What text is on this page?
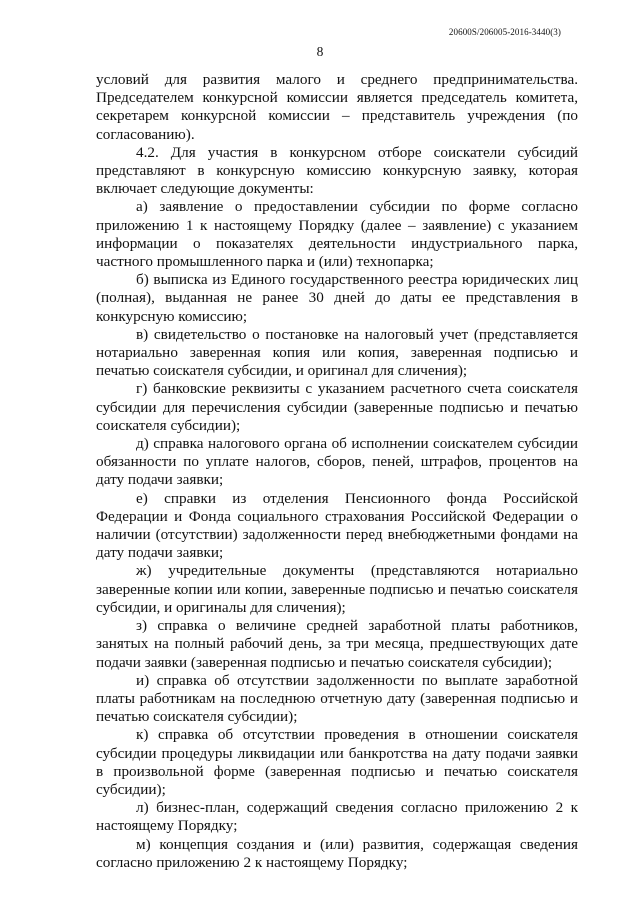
20600S/206005-2016-3440(3)
8

условий для развития малого и среднего предпринимательства. Председателем конкурсной комиссии является председатель комитета, секретарем конкурсной комиссии – представитель учреждения (по согласованию).

4.2. Для участия в конкурсном отборе соискатели субсидий представляют в конкурсную комиссию конкурсную заявку, которая включает следующие документы:

а) заявление о предоставлении субсидии по форме согласно приложению 1 к настоящему Порядку (далее – заявление) с указанием информации о показателях деятельности индустриального парка, частного промышленного парка и (или) технопарка;

б) выписка из Единого государственного реестра юридических лиц (полная), выданная не ранее 30 дней до даты ее представления в конкурсную комиссию;

в) свидетельство о постановке на налоговый учет (представляется нотариально заверенная копия или копия, заверенная подписью и печатью соискателя субсидии, и оригинал для сличения);

г) банковские реквизиты с указанием расчетного счета соискателя субсидии для перечисления субсидии (заверенные подписью и печатью соискателя субсидии);

д) справка налогового органа об исполнении соискателем субсидии обязанности по уплате налогов, сборов, пеней, штрафов, процентов на дату подачи заявки;

е) справки из отделения Пенсионного фонда Российской Федерации и Фонда социального страхования Российской Федерации о наличии (отсутствии) задолженности перед внебюджетными фондами на дату подачи заявки;

ж) учредительные документы (представляются нотариально заверенные копии или копии, заверенные подписью и печатью соискателя субсидии, и оригиналы для сличения);

з) справка о величине средней заработной платы работников, занятых на полный рабочий день, за три месяца, предшествующих дате подачи заявки (заверенная подписью и печатью соискателя субсидии);

и) справка об отсутствии задолженности по выплате заработной платы работникам на последнюю отчетную дату (заверенная подписью и печатью соискателя субсидии);

к) справка об отсутствии проведения в отношении соискателя субсидии процедуры ликвидации или банкротства на дату подачи заявки в произвольной форме (заверенная подписью и печатью соискателя субсидии);

л) бизнес-план, содержащий сведения согласно приложению 2 к настоящему Порядку;

м) концепция создания и (или) развития, содержащая сведения согласно приложению 2 к настоящему Порядку;
